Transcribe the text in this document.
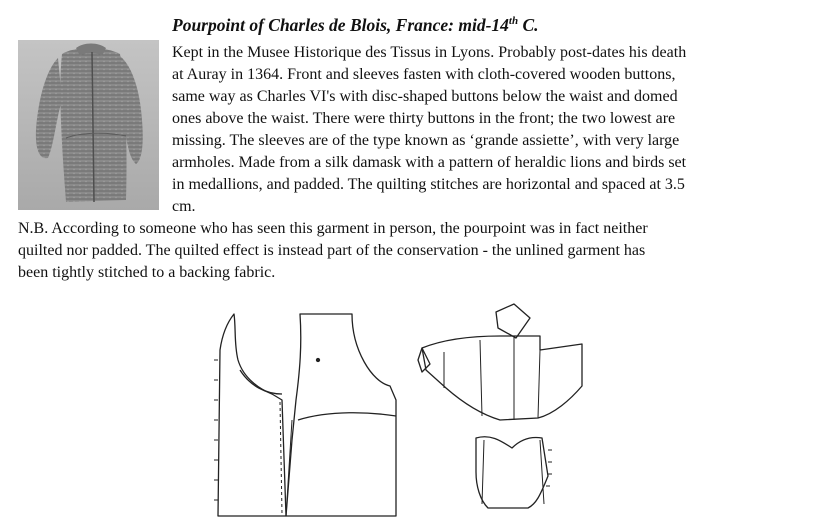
Pourpoint of Charles de Blois, France: mid-14th C.
Kept in the Musee Historique des Tissus in Lyons. Probably post-dates his death
at Auray in 1364. Front and sleeves fasten with cloth-covered wooden buttons,
same way as Charles VI's with disc-shaped buttons below the waist and domed
ones above the waist. There were thirty buttons in the front; the two lowest are
missing. The sleeves are of the type known as ‘grande assiette’, with very large
armholes. Made from a silk damask with a pattern of heraldic lions and birds set
in medallions, and padded. The quilting stitches are horizontal and spaced at 3.5
cm.
N.B. According to someone who has seen this garment in person, the pourpoint was in fact neither
quilted nor padded. The quilted effect is instead part of the conservation - the unlined garment has
been tightly stitched to a backing fabric.
